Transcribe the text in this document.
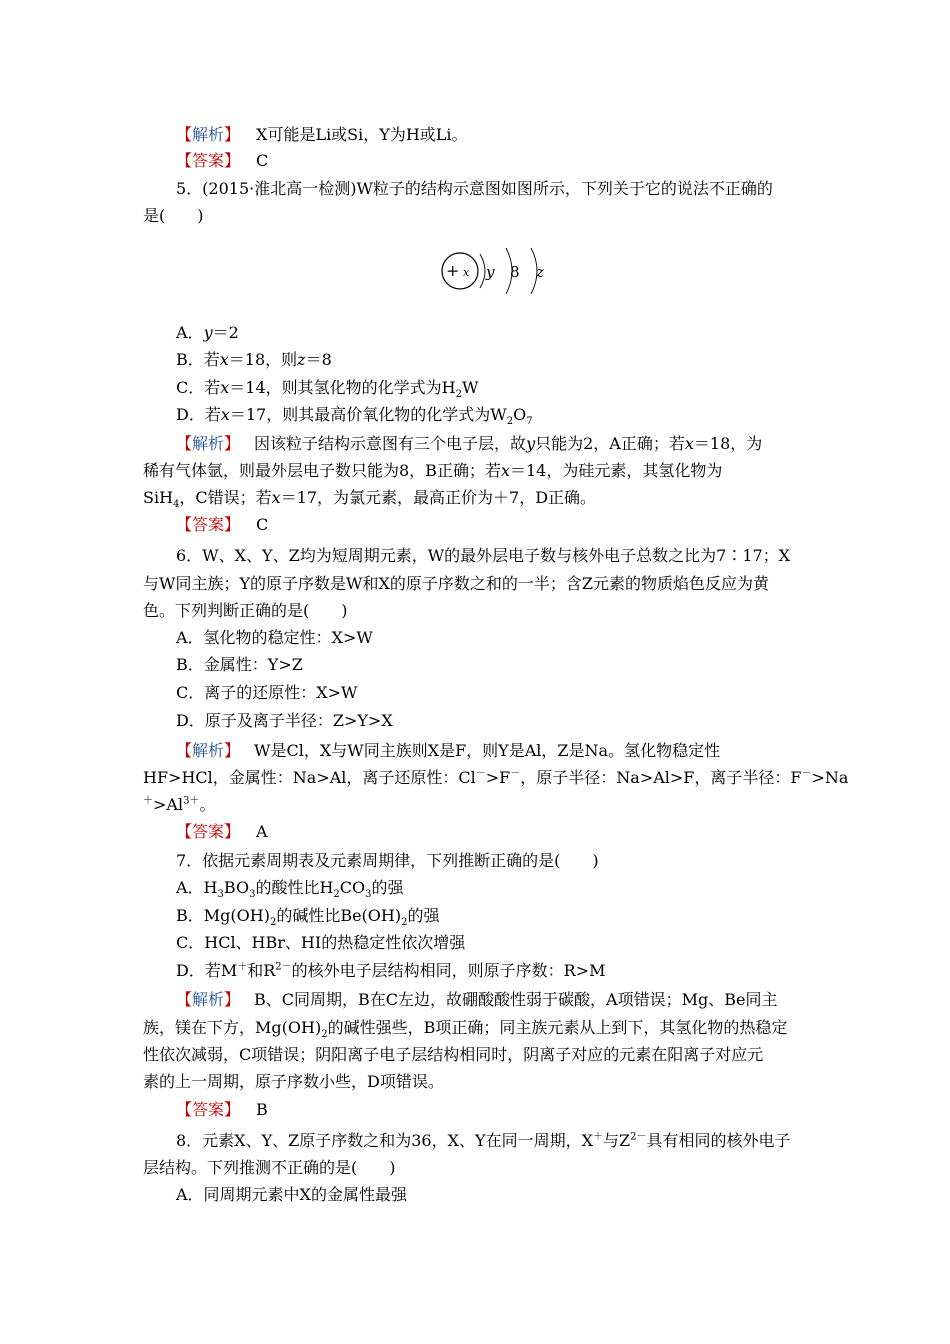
【解析】 X可能是Li或Si，Y为H或Li。
【答案】 C
5．(2015·淮北高一检测)W粒子的结构示意图如图所示，下列关于它的说法不正确的
是(　　)
+ x y 8 z
A．y＝2
B．若x＝18，则z＝8
C．若x＝14，则其氢化物的化学式为$H_2W$
D．若x＝17，则其最高价氧化物的化学式为$W_2O_7$
【解析】 因该粒子结构示意图有三个电子层，故y只能为2，A正确；若x＝18，为
稀有气体氩，则最外层电子数只能为8，B正确；若x＝14，为硅元素，其氢化物为
SiH$_4$，C错误；若x＝17，为氯元素，最高正价为＋7，D正确。
【答案】 C
6．W、X、Y、Z均为短周期元素，W的最外层电子数与核外电子总数之比为7∶17；X
与W同主族；Y的原子序数是W和X的原子序数之和的一半；含Z元素的物质焰色反应为黄
色。下列判断正确的是(　　)
A．氢化物的稳定性：X>W
B．金属性：Y>Z
C．离子的还原性：X>W
D．原子及离子半径：Z>Y>X
【解析】 W是Cl，X与W同主族则X是F，则Y是Al，Z是Na。氢化物稳定性
HF>HCl，金属性：Na>Al，离子还原性：Cl－>F－，原子半径：Na>Al>F，离子半径：F－>Na
$^+>Al^{3+}$。
【答案】 A
7．依据元素周期表及元素周期律，下列推断正确的是(　　)
A．$H_3BO_3$的酸性比$H_2CO_3$的强
B．$Mg(OH)_2$的碱性比$Be(OH)_2$的强
C．HCl、HBr、HI的热稳定性依次增强
D．若M＋和$R^{2-}$的核外电子层结构相同，则原子序数：R>M
【解析】 B、C同周期，B在C左边，故硼酸酸性弱于碳酸，A项错误；Mg、Be同主
族，镁在下方，$Mg(OH)_2$的碱性强些，B项正确；同主族元素从上到下，其氢化物的热稳定
性依次减弱，C项错误；阴阳离子电子层结构相同时，阴离子对应的元素在阳离子对应元
素的上一周期，原子序数小些，D项错误。
【答案】 B
8．元素X、Y、Z原子序数之和为36，X、Y在同一周期，X＋与$Z^{2-}$具有相同的核外电子
层结构。下列推测不正确的是(　　)
A．同周期元素中X的金属性最强
